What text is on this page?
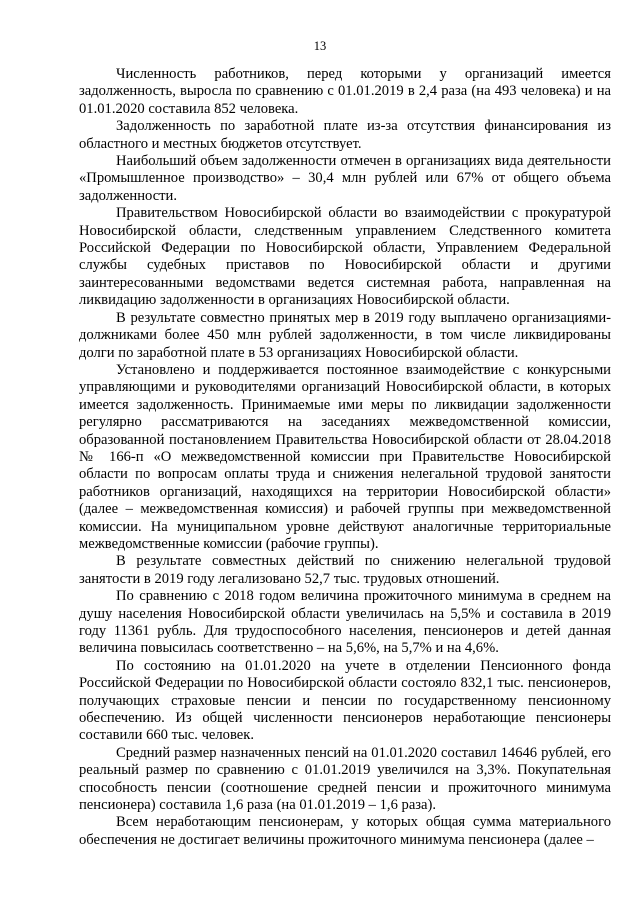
13

Численность работников, перед которыми у организаций имеется задолженность, выросла по сравнению с 01.01.2019 в 2,4 раза (на 493 человека) и на 01.01.2020 составила 852 человека.

Задолженность по заработной плате из-за отсутствия финансирования из областного и местных бюджетов отсутствует.

Наибольший объем задолженности отмечен в организациях вида деятельности «Промышленное производство» – 30,4 млн рублей или 67% от общего объема задолженности.

Правительством Новосибирской области во взаимодействии с прокуратурой Новосибирской области, следственным управлением Следственного комитета Российской Федерации по Новосибирской области, Управлением Федеральной службы судебных приставов по Новосибирской области и другими заинтересованными ведомствами ведется системная работа, направленная на ликвидацию задолженности в организациях Новосибирской области.

В результате совместно принятых мер в 2019 году выплачено организациями-должниками более 450 млн рублей задолженности, в том числе ликвидированы долги по заработной плате в 53 организациях Новосибирской области.

Установлено и поддерживается постоянное взаимодействие с конкурсными управляющими и руководителями организаций Новосибирской области, в которых имеется задолженность. Принимаемые ими меры по ликвидации задолженности регулярно рассматриваются на заседаниях межведомственной комиссии, образованной постановлением Правительства Новосибирской области от 28.04.2018 № 166-п «О межведомственной комиссии при Правительстве Новосибирской области по вопросам оплаты труда и снижения нелегальной трудовой занятости работников организаций, находящихся на территории Новосибирской области» (далее – межведомственная комиссия) и рабочей группы при межведомственной комиссии. На муниципальном уровне действуют аналогичные территориальные межведомственные комиссии (рабочие группы).

В результате совместных действий по снижению нелегальной трудовой занятости в 2019 году легализовано 52,7 тыс. трудовых отношений.

По сравнению с 2018 годом величина прожиточного минимума в среднем на душу населения Новосибирской области увеличилась на 5,5% и составила в 2019 году 11361 рубль. Для трудоспособного населения, пенсионеров и детей данная величина повысилась соответственно – на 5,6%, на 5,7% и на 4,6%.

По состоянию на 01.01.2020 на учете в отделении Пенсионного фонда Российской Федерации по Новосибирской области состояло 832,1 тыс. пенсионеров, получающих страховые пенсии и пенсии по государственному пенсионному обеспечению. Из общей численности пенсионеров неработающие пенсионеры составили 660 тыс. человек.

Средний размер назначенных пенсий на 01.01.2020 составил 14646 рублей, его реальный размер по сравнению с 01.01.2019 увеличился на 3,3%. Покупательная способность пенсии (соотношение средней пенсии и прожиточного минимума пенсионера) составила 1,6 раза (на 01.01.2019 – 1,6 раза).

Всем неработающим пенсионерам, у которых общая сумма материального обеспечения не достигает величины прожиточного минимума пенсионера (далее –
